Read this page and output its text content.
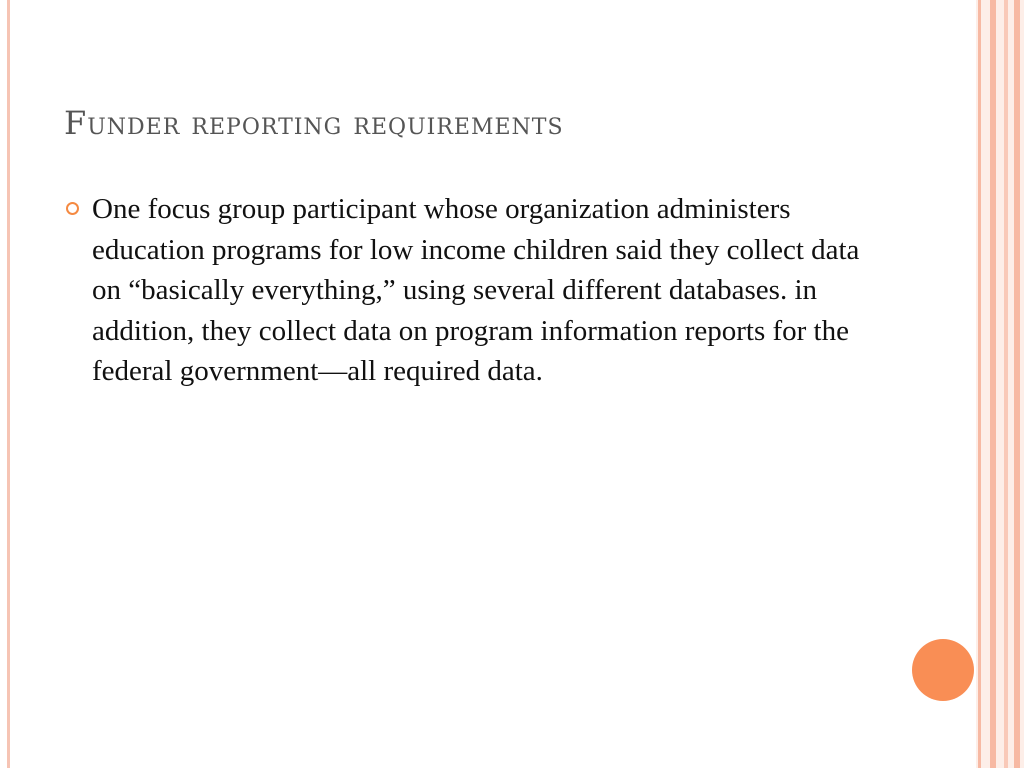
Funder reporting requirements
One focus group participant whose organization administers education programs for low income children said they collect data on “basically everything,” using several different databases. in addition, they collect data on program information reports for the federal government—all required data.
